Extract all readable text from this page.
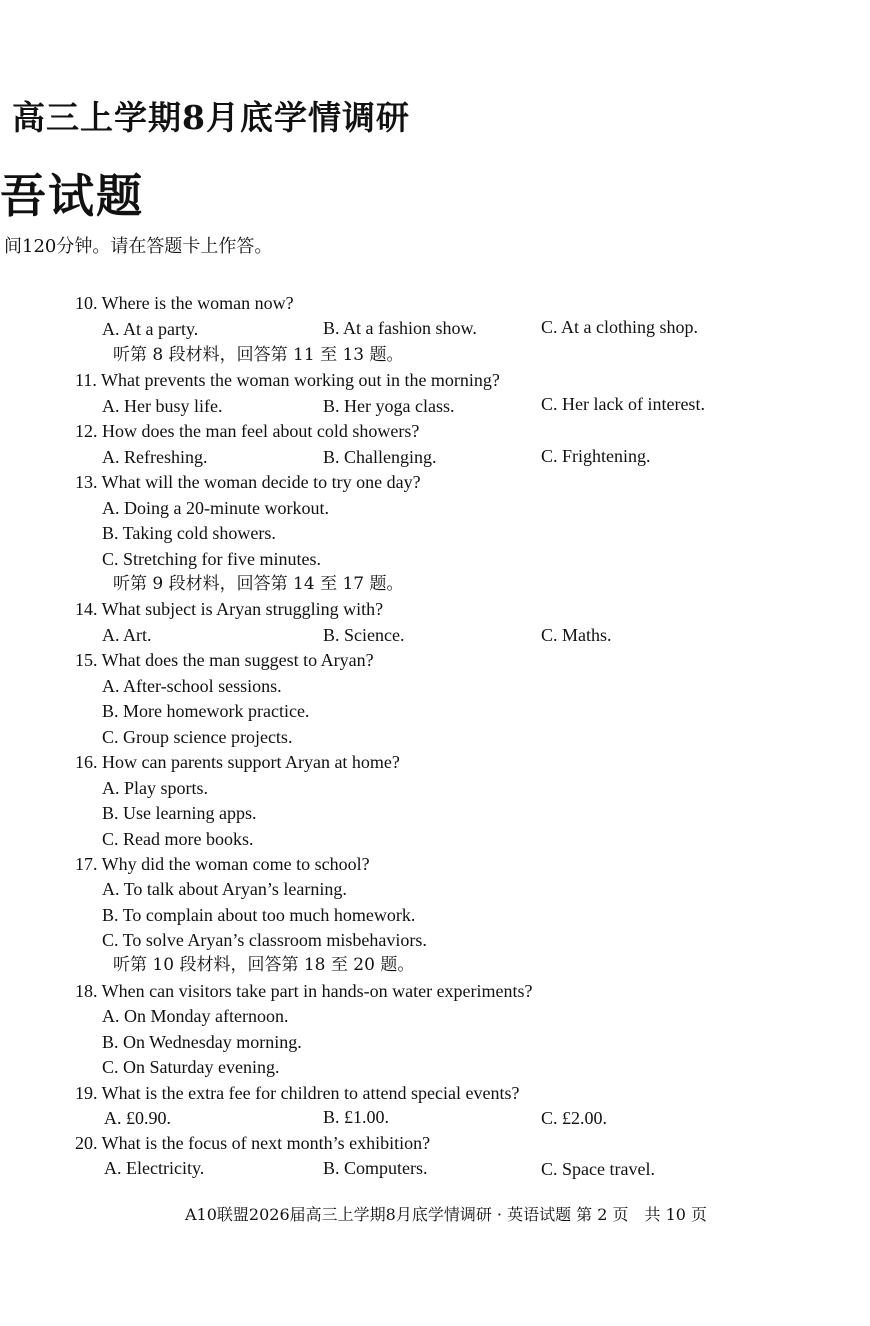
高三上学期8月底学情调研
吾试题
间120分钟。请在答题卡上作答。
10. Where is the woman now?
A. At a party.	B. At a fashion show.	C. At a clothing shop.
听第 8 段材料，回答第 11 至 13 题。
11. What prevents the woman working out in the morning?
A. Her busy life.	B. Her yoga class.	C. Her lack of interest.
12. How does the man feel about cold showers?
A. Refreshing.	B. Challenging.	C. Frightening.
13. What will the woman decide to try one day?
A. Doing a 20-minute workout.
B. Taking cold showers.
C. Stretching for five minutes.
听第 9 段材料，回答第 14 至 17 题。
14. What subject is Aryan struggling with?
A. Art.	B. Science.	C. Maths.
15. What does the man suggest to Aryan?
A. After-school sessions.
B. More homework practice.
C. Group science projects.
16. How can parents support Aryan at home?
A. Play sports.
B. Use learning apps.
C. Read more books.
17. Why did the woman come to school?
A. To talk about Aryan’s learning.
B. To complain about too much homework.
C. To solve Aryan’s classroom misbehaviors.
听第 10 段材料，回答第 18 至 20 题。
18. When can visitors take part in hands-on water experiments?
A. On Monday afternoon.
B. On Wednesday morning.
C. On Saturday evening.
19. What is the extra fee for children to attend special events?
A. £0.90.	B. £1.00.	C. £2.00.
20. What is the focus of next month’s exhibition?
A. Electricity.	B. Computers.	C. Space travel.
A10联盟2026届高三上学期8月底学情调研 · 英语试题 第 2 页　共 10 页
